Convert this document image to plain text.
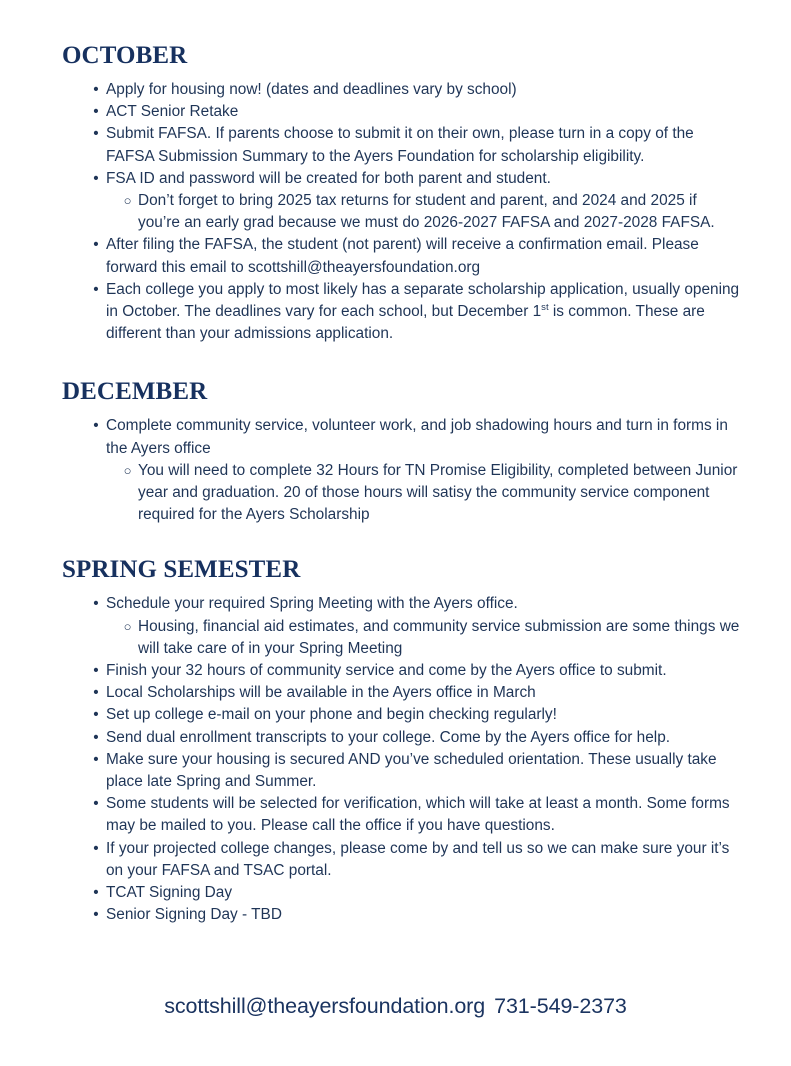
OCTOBER
• Apply for housing now! (dates and deadlines vary by school)
• ACT Senior Retake
• Submit FAFSA. If parents choose to submit it on their own, please turn in a copy of the FAFSA Submission Summary to the Ayers Foundation for scholarship eligibility.
• FSA ID and password will be created for both parent and student.
○ Don’t forget to bring 2025 tax returns for student and parent, and 2024 and 2025 if you’re an early grad because we must do 2026-2027 FAFSA and 2027-2028 FAFSA.
• After filing the FAFSA, the student (not parent) will receive a confirmation email. Please forward this email to scottshill@theayersfoundation.org
• Each college you apply to most likely has a separate scholarship application, usually opening in October. The deadlines vary for each school, but December 1st is common. These are different than your admissions application.
DECEMBER
• Complete community service, volunteer work, and job shadowing hours and turn in forms in the Ayers office
○ You will need to complete 32 Hours for TN Promise Eligibility, completed between Junior year and graduation. 20 of those hours will satisy the community service component required for the Ayers Scholarship
SPRING SEMESTER
• Schedule your required Spring Meeting with the Ayers office.
○ Housing, financial aid estimates, and community service submission are some things we will take care of in your Spring Meeting
• Finish your 32 hours of community service and come by the Ayers office to submit.
• Local Scholarships will be available in the Ayers office in March
• Set up college e-mail on your phone and begin checking regularly!
• Send dual enrollment transcripts to your college. Come by the Ayers office for help.
• Make sure your housing is secured AND you’ve scheduled orientation. These usually take place late Spring and Summer.
• Some students will be selected for verification, which will take at least a month. Some forms may be mailed to you. Please call the office if you have questions.
• If your projected college changes, please come by and tell us so we can make sure your it’s on your FAFSA and TSAC portal.
• TCAT Signing Day
• Senior Signing Day - TBD
scottshill@theayersfoundation.org 731-549-2373
